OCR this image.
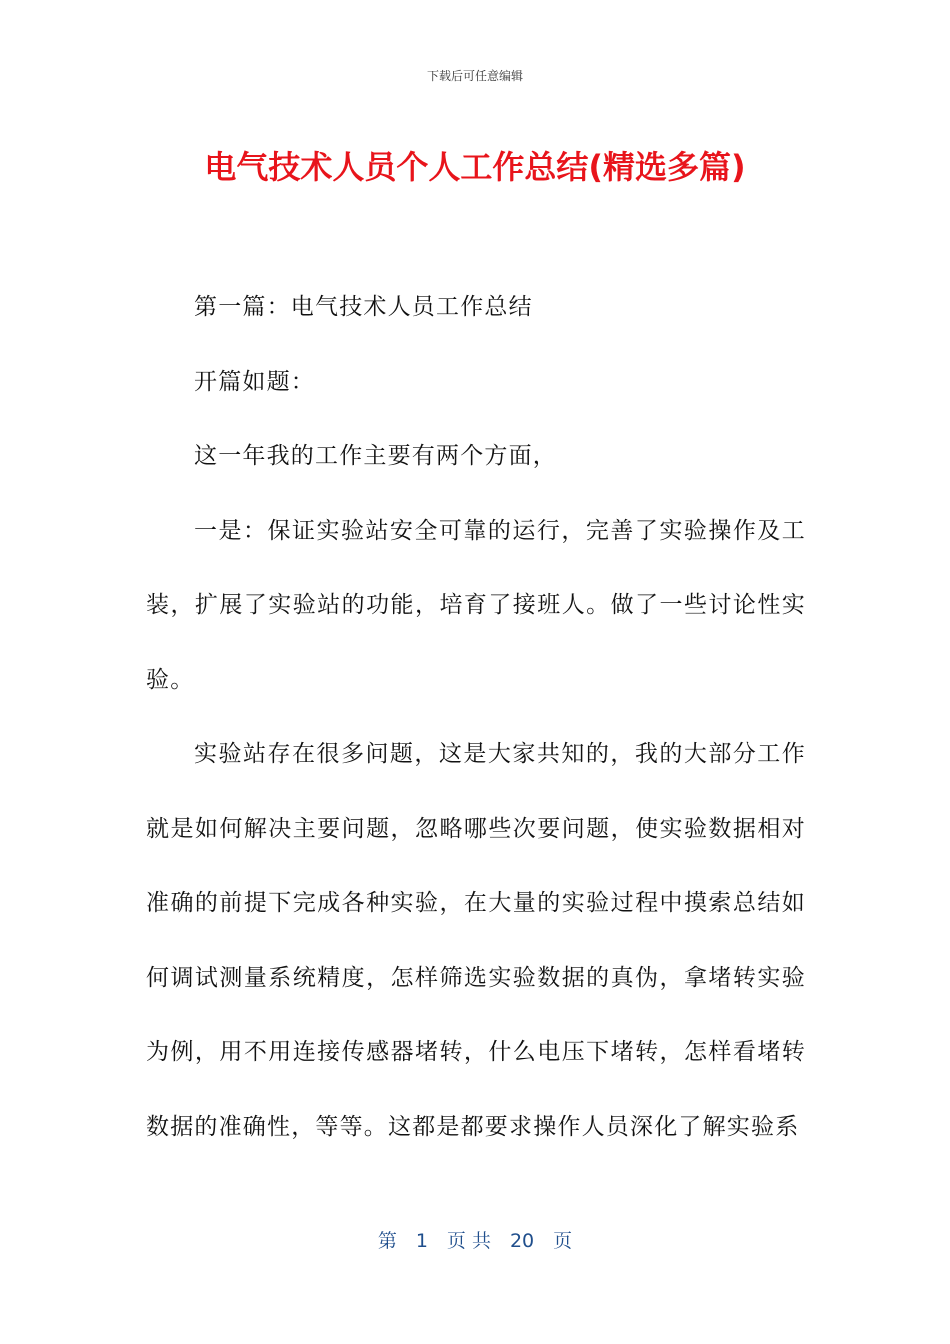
下载后可任意编辑
电气技术人员个人工作总结(精选多篇)

第一篇：电气技术人员工作总结

开篇如题：

这一年我的工作主要有两个方面，

一是：保证实验站安全可靠的运行，完善了实验操作及工装，扩展了实验站的功能，培育了接班人。做了一些讨论性实验。

实验站存在很多问题，这是大家共知的，我的大部分工作就是如何解决主要问题，忽略哪些次要问题，使实验数据相对准确的前提下完成各种实验，在大量的实验过程中摸索总结如何调试测量系统精度，怎样筛选实验数据的真伪，拿堵转实验为例，用不用连接传感器堵转，什么电压下堵转，怎样看堵转数据的准确性，等等。这都是都要求操作人员深化了解实验系

第　1　页 共　20　页
